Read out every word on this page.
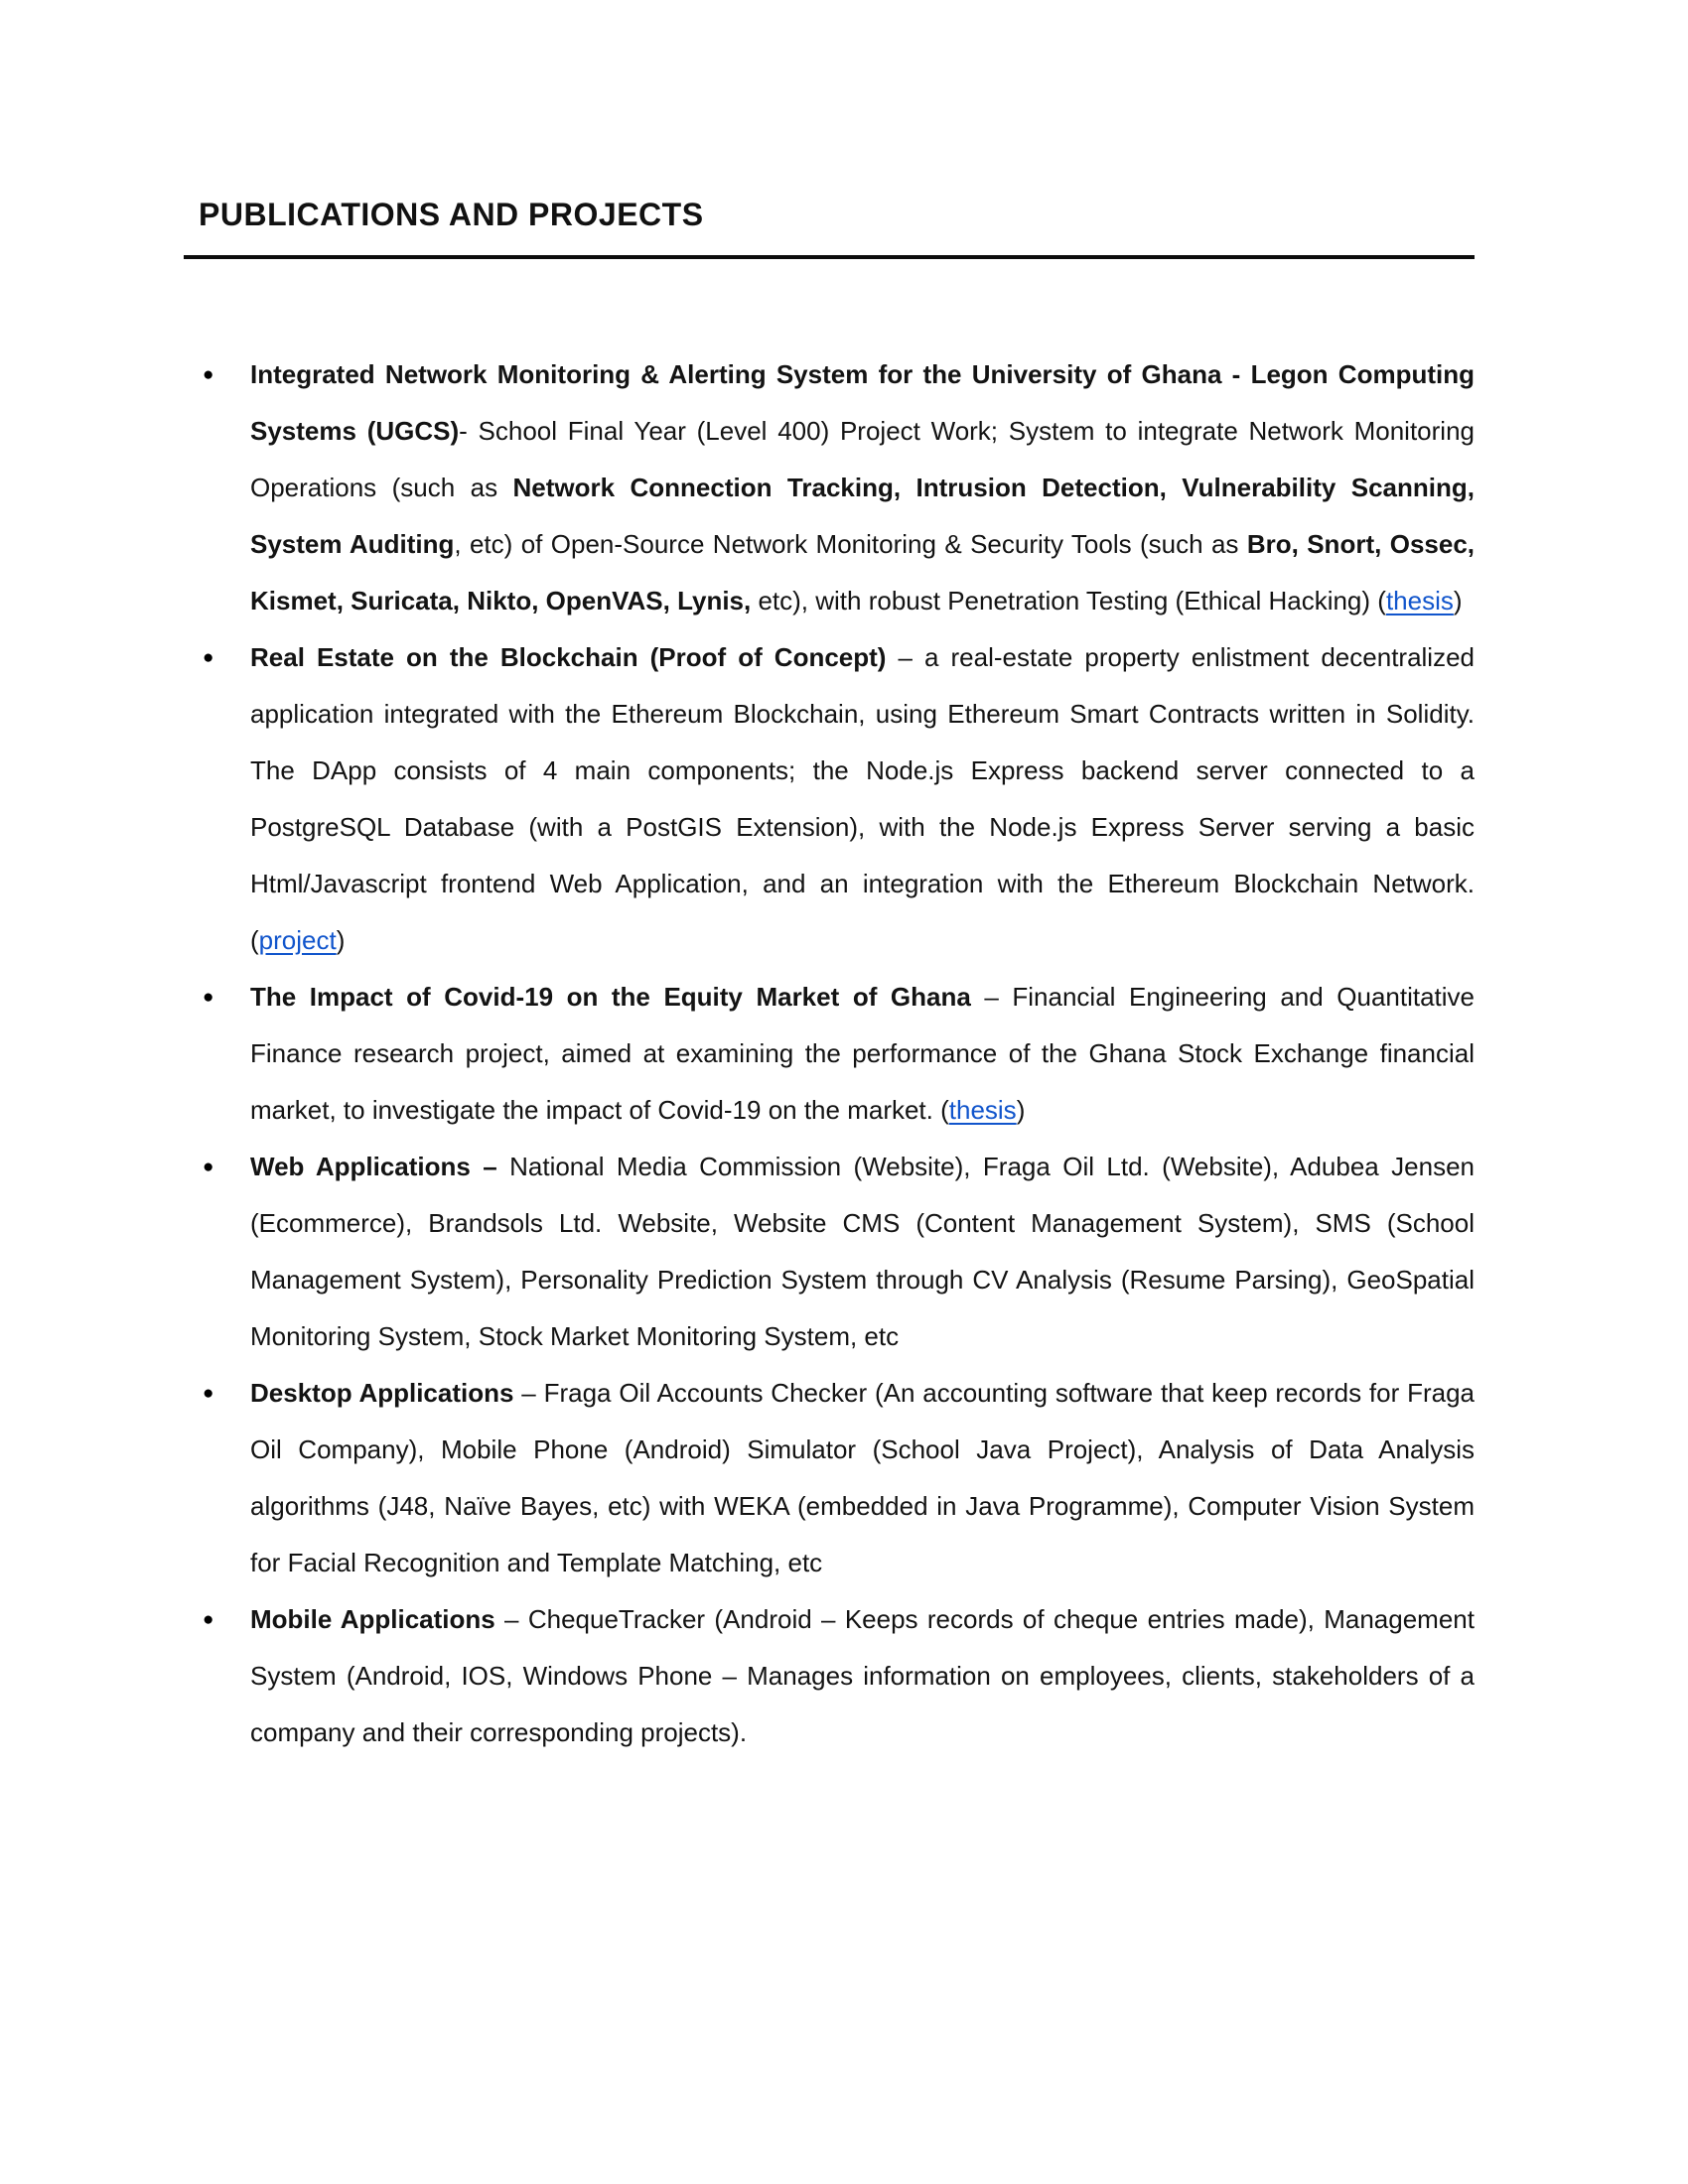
PUBLICATIONS AND PROJECTS
● Integrated Network Monitoring & Alerting System for the University of Ghana - Legon Computing Systems (UGCS)- School Final Year (Level 400) Project Work; System to integrate Network Monitoring Operations (such as Network Connection Tracking, Intrusion Detection, Vulnerability Scanning, System Auditing, etc) of Open-Source Network Monitoring & Security Tools (such as Bro, Snort, Ossec, Kismet, Suricata, Nikto, OpenVAS, Lynis, etc), with robust Penetration Testing (Ethical Hacking) (thesis)
● Real Estate on the Blockchain (Proof of Concept) – a real-estate property enlistment decentralized application integrated with the Ethereum Blockchain, using Ethereum Smart Contracts written in Solidity. The DApp consists of 4 main components; the Node.js Express backend server connected to a PostgreSQL Database (with a PostGIS Extension), with the Node.js Express Server serving a basic Html/Javascript frontend Web Application, and an integration with the Ethereum Blockchain Network. (project)
● The Impact of Covid-19 on the Equity Market of Ghana – Financial Engineering and Quantitative Finance research project, aimed at examining the performance of the Ghana Stock Exchange financial market, to investigate the impact of Covid-19 on the market. (thesis)
● Web Applications – National Media Commission (Website), Fraga Oil Ltd. (Website), Adubea Jensen (Ecommerce), Brandsols Ltd. Website, Website CMS (Content Management System), SMS (School Management System), Personality Prediction System through CV Analysis (Resume Parsing), GeoSpatial Monitoring System, Stock Market Monitoring System, etc
● Desktop Applications – Fraga Oil Accounts Checker (An accounting software that keep records for Fraga Oil Company), Mobile Phone (Android) Simulator (School Java Project), Analysis of Data Analysis algorithms (J48, Naïve Bayes, etc) with WEKA (embedded in Java Programme), Computer Vision System for Facial Recognition and Template Matching, etc
● Mobile Applications – ChequeTracker (Android – Keeps records of cheque entries made), Management System (Android, IOS, Windows Phone – Manages information on employees, clients, stakeholders of a company and their corresponding projects).
